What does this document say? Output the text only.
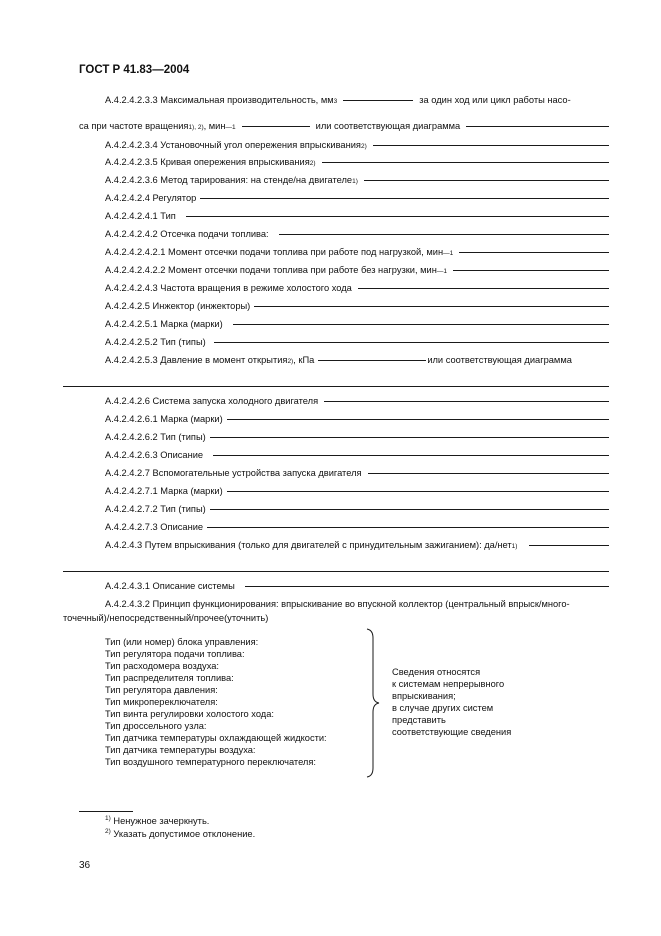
ГОСТ Р 41.83—2004
А.4.2.4.2.3.3 Максимальная производительность, мм 3	за один ход или цикл работы насо-
са при частоте вращения 1), 2) , мин —1	или соответствующая диаграмма
А.4.2.4.2.3.4 Установочный угол опережения впрыскивания 2)
А.4.2.4.2.3.5 Кривая опережения впрыскивания 2)
А.4.2.4.2.3.6 Метод тарирования: на стенде/на двигателе 1)
А.4.2.4.2.4 Регулятор
А.4.2.4.2.4.1 Тип
А.4.2.4.2.4.2 Отсечка подачи топлива:
А.4.2.4.2.4.2.1 Момент отсечки подачи топлива при работе под нагрузкой, мин —1
А.4.2.4.2.4.2.2 Момент отсечки подачи топлива при работе без нагрузки, мин —1
А.4.2.4.2.4.3 Частота вращения в режиме холостого хода
А.4.2.4.2.5 Инжектор (инжекторы)
А.4.2.4.2.5.1 Марка (марки)
А.4.2.4.2.5.2 Тип (типы)
А.4.2.4.2.5.3 Давление в момент открытия 2) , кПа	или соответствующая диаграмма
А.4.2.4.2.6 Система запуска холодного двигателя
А.4.2.4.2.6.1 Марка (марки)
А.4.2.4.2.6.2 Тип (типы)
А.4.2.4.2.6.3 Описание
А.4.2.4.2.7 Вспомогательные устройства запуска двигателя
А.4.2.4.2.7.1 Марка (марки)
А.4.2.4.2.7.2 Тип (типы)
А.4.2.4.2.7.3 Описание
А.4.2.4.3 Путем впрыскивания (только для двигателей с принудительным зажиганием): да/нет 1)
А.4.2.4.3.1 Описание системы
А.4.2.4.3.2 Принцип функционирования: впрыскивание во впускной коллектор (центральный впрыск/много-
точечный)/непосредственный/прочее(уточнить)
Тип (или номер) блока управления:
Тип регулятора подачи топлива:
Тип расходомера воздуха:
Тип распределителя топлива:
Тип регулятора давления:
Тип микропереключателя:
Тип винта регулировки холостого хода:
Тип дроссельного узла:
Тип датчика температуры охлаждающей жидкости:
Тип датчика температуры воздуха:
Тип воздушного температурного переключателя:
Сведения относятся
к системам непрерывного
впрыскивания;
в случае других систем
представить
соответствующие сведения
$^{1)}$ Ненужное зачеркнуть.
$^{2)}$ Указать допустимое отклонение.
36
